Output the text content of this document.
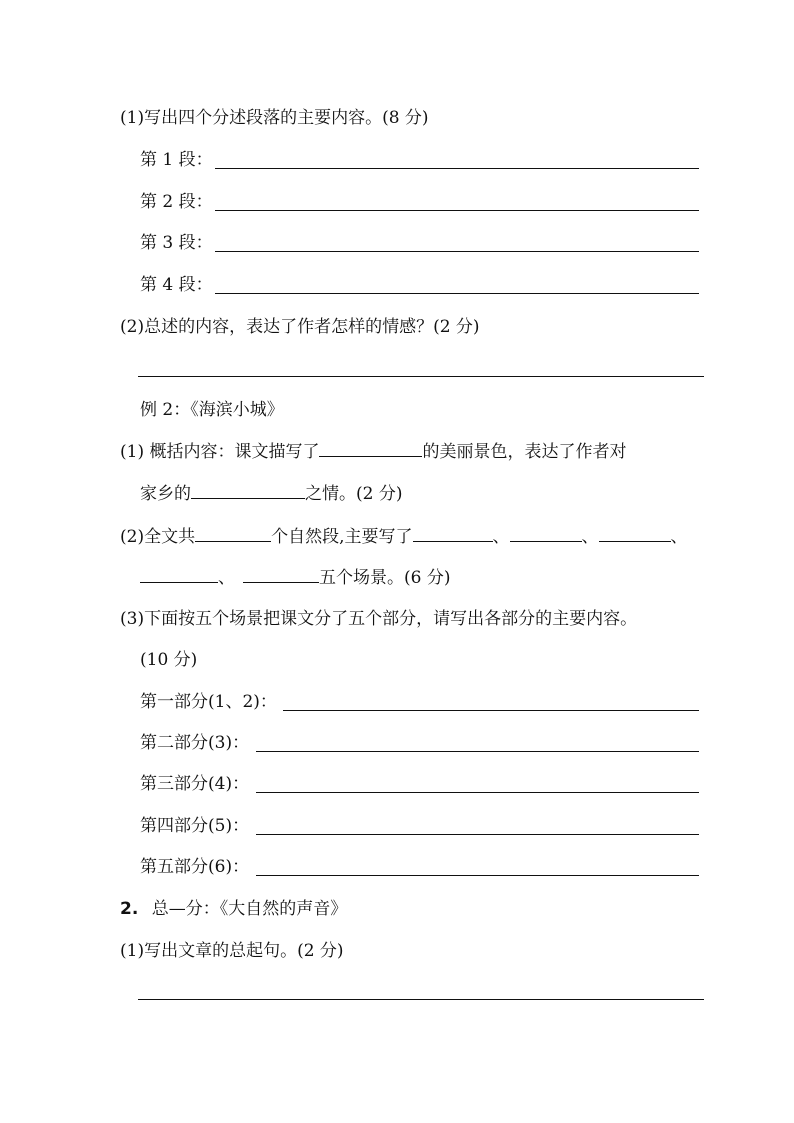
(1)写出四个分述段落的主要内容。(8 分)
第 1 段：
第 2 段：
第 3 段：
第 4 段：
(2)总述的内容，表达了作者怎样的情感？(2 分)
例 2：《海滨小城》
(1) 概括内容：课文描写了	的美丽景色，表达了作者对
家乡的	之情。(2 分)
(2)全文共	个自然段,主要写了	、	、	、
、	五个场景。(6 分)
(3)下面按五个场景把课文分了五个部分，请写出各部分的主要内容。
(10 分)
第一部分(1、2)：
第二部分(3)：
第三部分(4)：
第四部分(5)：
第五部分(6)：
2. 总—分：《大自然的声音》
(1)写出文章的总起句。(2 分)
